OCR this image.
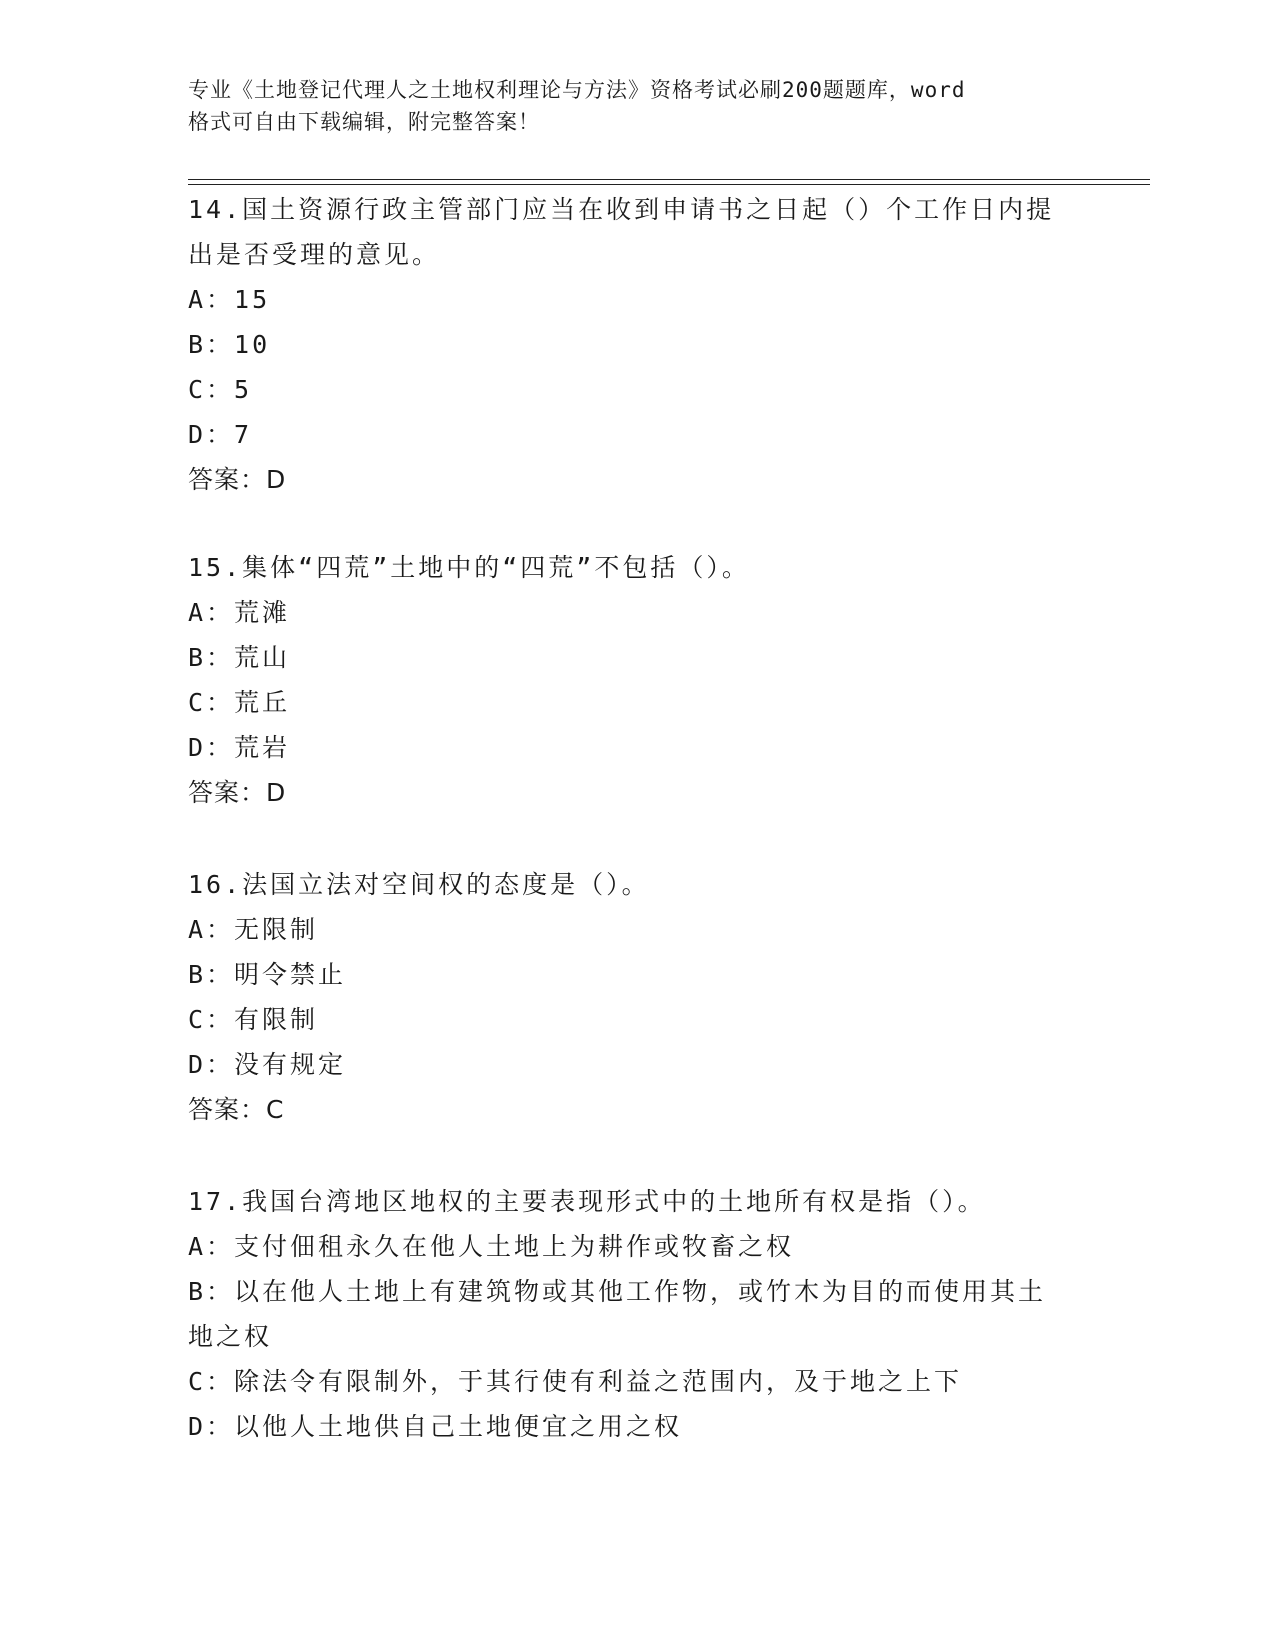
专业《土地登记代理人之土地权利理论与方法》资格考试必刷200题题库，word
格式可自由下载编辑，附完整答案！
14.国土资源行政主管部门应当在收到申请书之日起（）个工作日内提
出是否受理的意见。
A：15
B：10
C：5
D：7
答案：D
15.集体“四荒”土地中的“四荒”不包括（）。
A：荒滩
B：荒山
C：荒丘
D：荒岩
答案：D
16.法国立法对空间权的态度是（）。
A：无限制
B：明令禁止
C：有限制
D：没有规定
答案：C
17.我国台湾地区地权的主要表现形式中的土地所有权是指（）。
A：支付佃租永久在他人土地上为耕作或牧畜之权
B：以在他人土地上有建筑物或其他工作物，或竹木为目的而使用其土
地之权
C：除法令有限制外，于其行使有利益之范围内，及于地之上下
D：以他人土地供自己土地便宜之用之权
